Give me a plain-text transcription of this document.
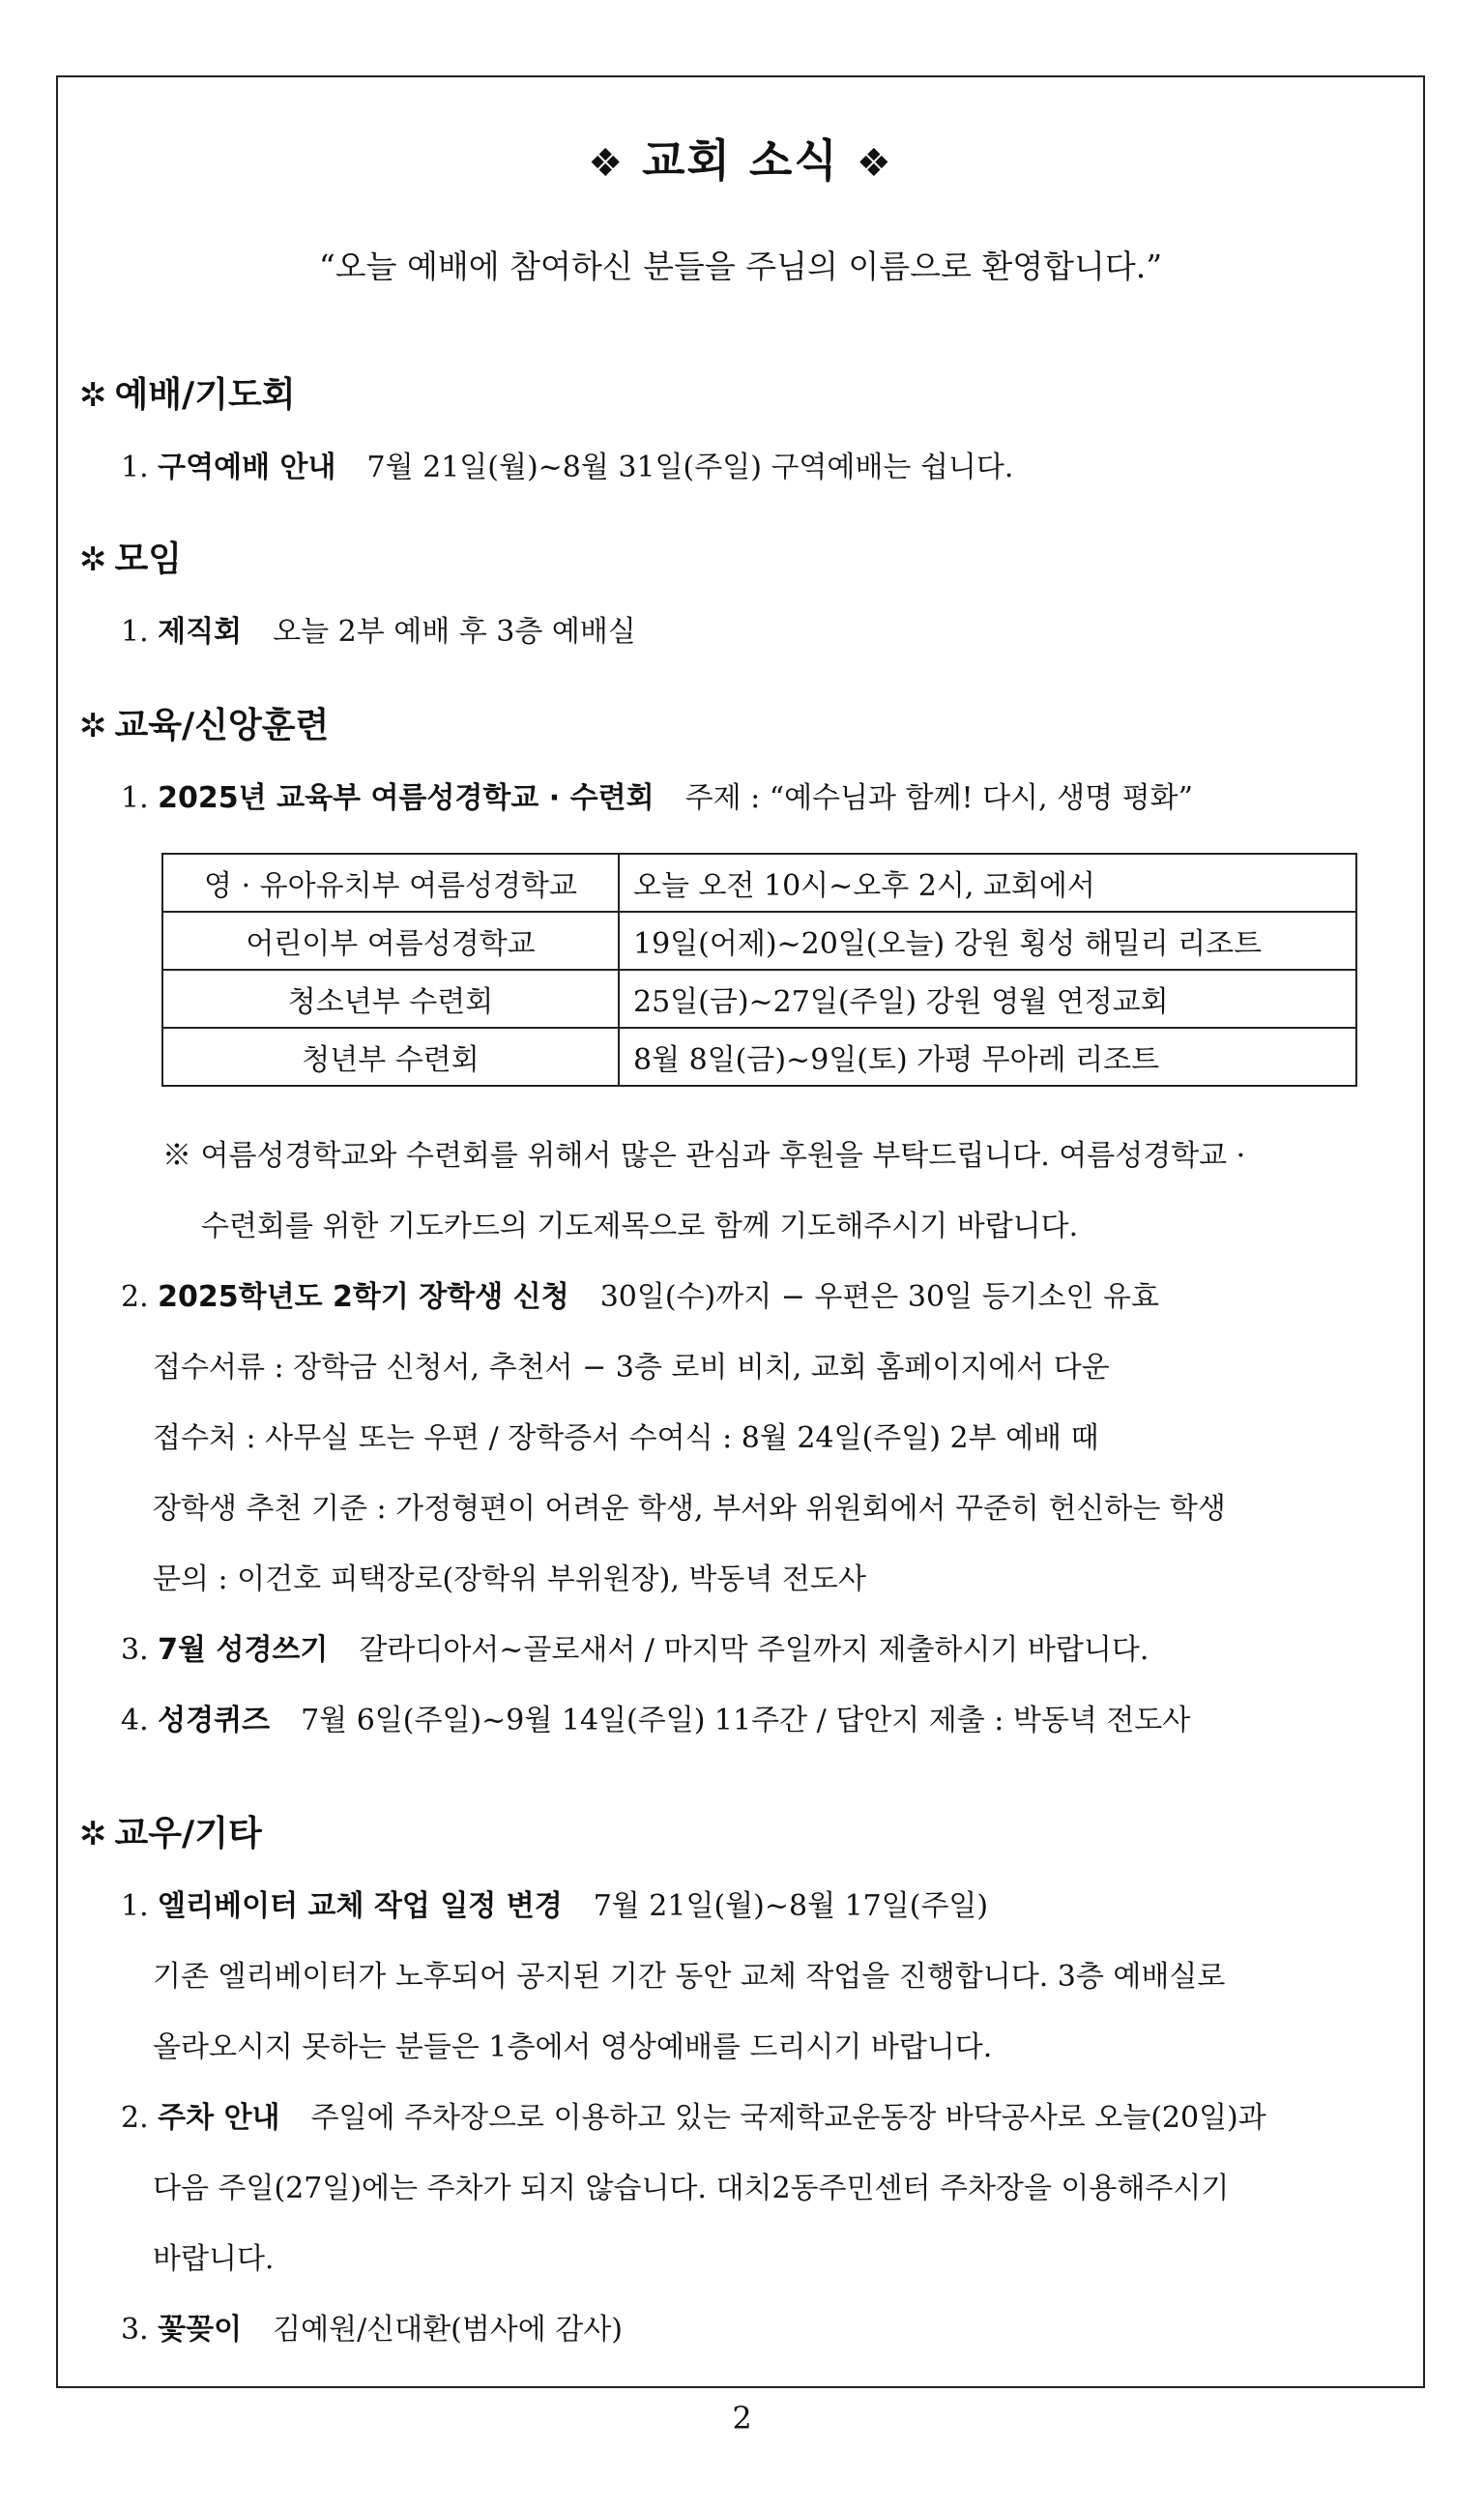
❖ 교회 소식 ❖
“오늘 예배에 참여하신 분들을 주님의 이름으로 환영합니다.”
✲ 예배/기도회
1. 구역예배 안내 7월 21일(월)~8월 31일(주일) 구역예배는 쉽니다.
✲ 모임
1. 제직회 오늘 2부 예배 후 3층 예배실
✲ 교육/신앙훈련
1. 2025년 교육부 여름성경학교 · 수련회 주제 : “예수님과 함께! 다시, 생명 평화”
영 · 유아유치부 여름성경학교	오늘 오전 10시~오후 2시, 교회에서
어린이부 여름성경학교	19일(어제)~20일(오늘) 강원 횡성 해밀리 리조트
청소년부 수련회	25일(금)~27일(주일) 강원 영월 연정교회
청년부 수련회	8월 8일(금)~9일(토) 가평 무아레 리조트
※ 여름성경학교와 수련회를 위해서 많은 관심과 후원을 부탁드립니다. 여름성경학교 ·
수련회를 위한 기도카드의 기도제목으로 함께 기도해주시기 바랍니다.
2. 2025학년도 2학기 장학생 신청 30일(수)까지 − 우편은 30일 등기소인 유효
접수서류 : 장학금 신청서, 추천서 − 3층 로비 비치, 교회 홈페이지에서 다운
접수처 : 사무실 또는 우편 / 장학증서 수여식 : 8월 24일(주일) 2부 예배 때
장학생 추천 기준 : 가정형편이 어려운 학생, 부서와 위원회에서 꾸준히 헌신하는 학생
문의 : 이건호 피택장로(장학위 부위원장), 박동녁 전도사
3. 7월 성경쓰기 갈라디아서~골로새서 / 마지막 주일까지 제출하시기 바랍니다.
4. 성경퀴즈 7월 6일(주일)~9월 14일(주일) 11주간 / 답안지 제출 : 박동녁 전도사
✲ 교우/기타
1. 엘리베이터 교체 작업 일정 변경 7월 21일(월)~8월 17일(주일)
기존 엘리베이터가 노후되어 공지된 기간 동안 교체 작업을 진행합니다. 3층 예배실로
올라오시지 못하는 분들은 1층에서 영상예배를 드리시기 바랍니다.
2. 주차 안내 주일에 주차장으로 이용하고 있는 국제학교운동장 바닥공사로 오늘(20일)과
다음 주일(27일)에는 주차가 되지 않습니다. 대치2동주민센터 주차장을 이용해주시기
바랍니다.
3. 꽃꽂이 김예원/신대환(범사에 감사)
2
